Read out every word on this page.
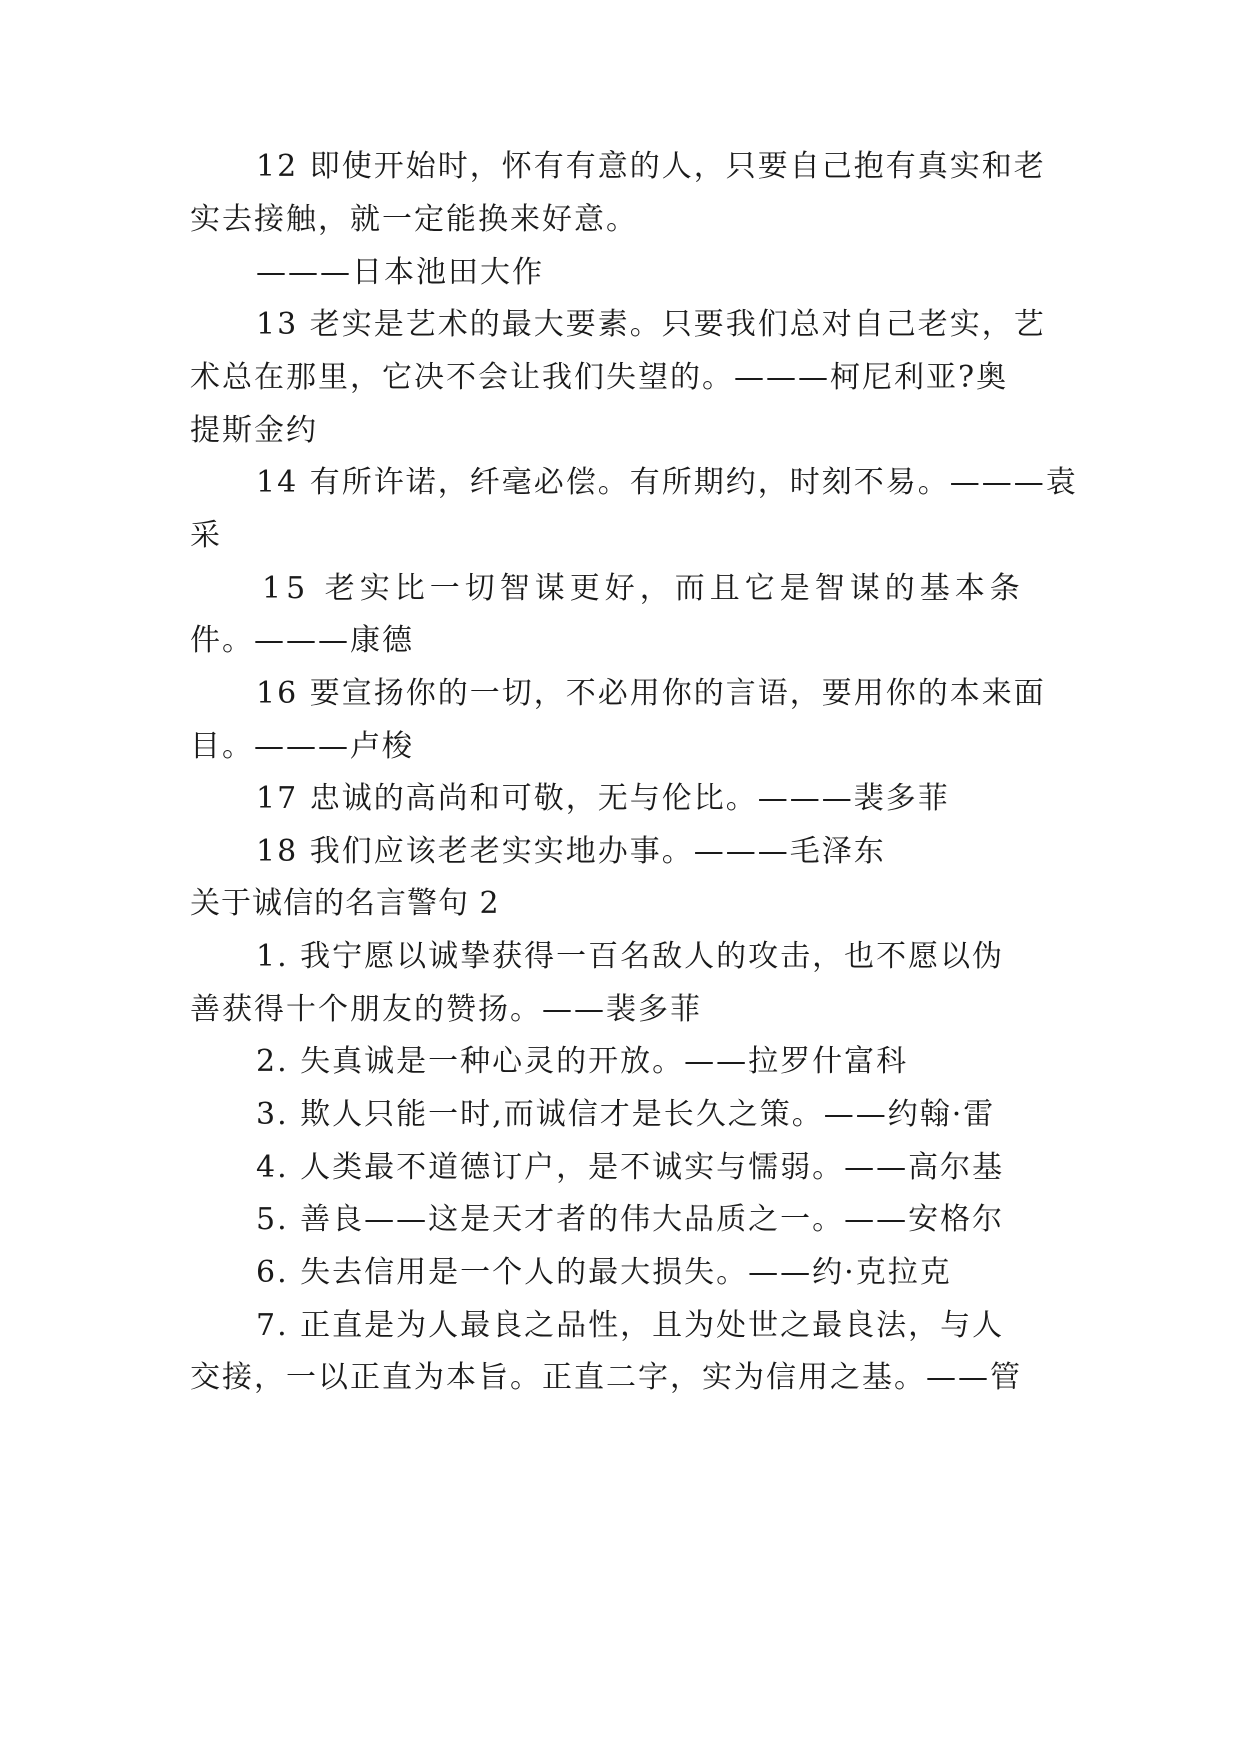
12 即使开始时，怀有有意的人，只要自己抱有真实和老
实去接触，就一定能换来好意。
———日本池田大作
13 老实是艺术的最大要素。只要我们总对自己老实，艺
术总在那里，它决不会让我们失望的。———柯尼利亚?奥
提斯金约
14 有所许诺，纤毫必偿。有所期约，时刻不易。———袁
采
15 老实比一切智谋更好，而且它是智谋的基本条
件。———康德
16 要宣扬你的一切，不必用你的言语，要用你的本来面
目。———卢梭
17 忠诚的高尚和可敬，无与伦比。———裴多菲
18 我们应该老老实实地办事。———毛泽东
关于诚信的名言警句 2
1. 我宁愿以诚挚获得一百名敌人的攻击，也不愿以伪
善获得十个朋友的赞扬。——裴多菲
2. 失真诚是一种心灵的开放。——拉罗什富科
3. 欺人只能一时,而诚信才是长久之策。——约翰·雷
4. 人类最不道德订户，是不诚实与懦弱。——高尔基
5. 善良——这是天才者的伟大品质之一。——安格尔
6. 失去信用是一个人的最大损失。——约·克拉克
7. 正直是为人最良之品性，且为处世之最良法，与人
交接，一以正直为本旨。正直二字，实为信用之基。——管
